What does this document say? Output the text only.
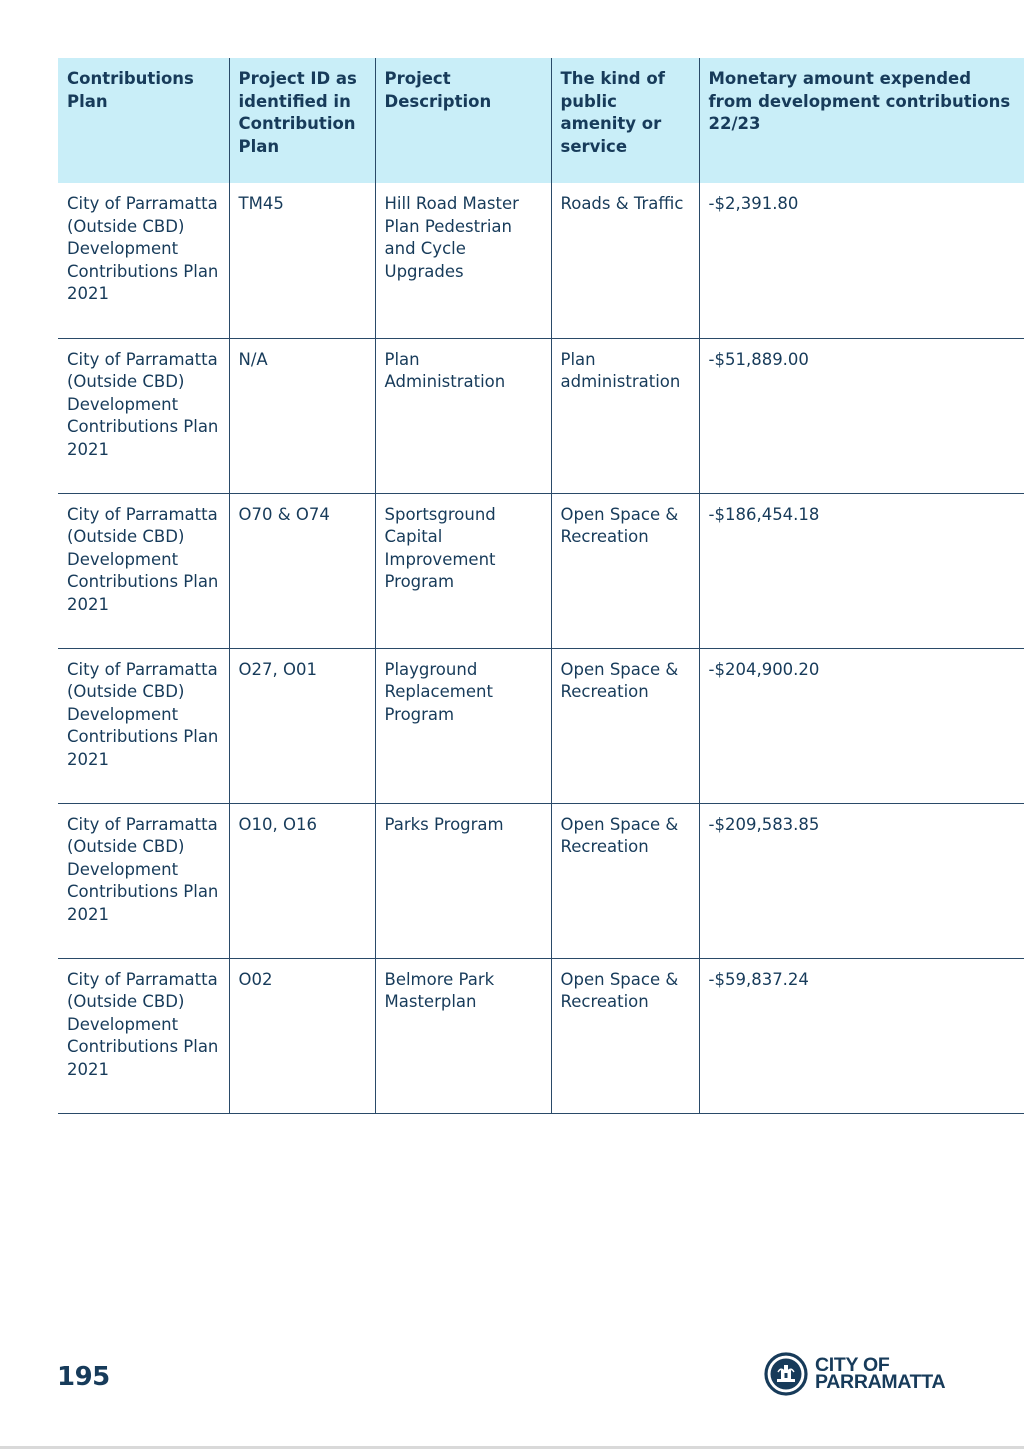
Contributions Plan	Project ID as identified in Contribution Plan	Project Description	The kind of public amenity or service	Monetary amount expended from development contributions 22/23
City of Parramatta (Outside CBD) Development Contributions Plan 2021	TM45	Hill Road Master Plan Pedestrian and Cycle Upgrades	Roads & Traffic	-$2,391.80
City of Parramatta (Outside CBD) Development Contributions Plan 2021	N/A	Plan Administration	Plan administration	-$51,889.00
City of Parramatta (Outside CBD) Development Contributions Plan 2021	O70 & O74	Sportsground Capital Improvement Program	Open Space & Recreation	-$186,454.18
City of Parramatta (Outside CBD) Development Contributions Plan 2021	O27, O01	Playground Replacement Program	Open Space & Recreation	-$204,900.20
City of Parramatta (Outside CBD) Development Contributions Plan 2021	O10, O16	Parks Program	Open Space & Recreation	-$209,583.85
City of Parramatta (Outside CBD) Development Contributions Plan 2021	O02	Belmore Park Masterplan	Open Space & Recreation	-$59,837.24
195	CITY OF
PARRAMATTA
